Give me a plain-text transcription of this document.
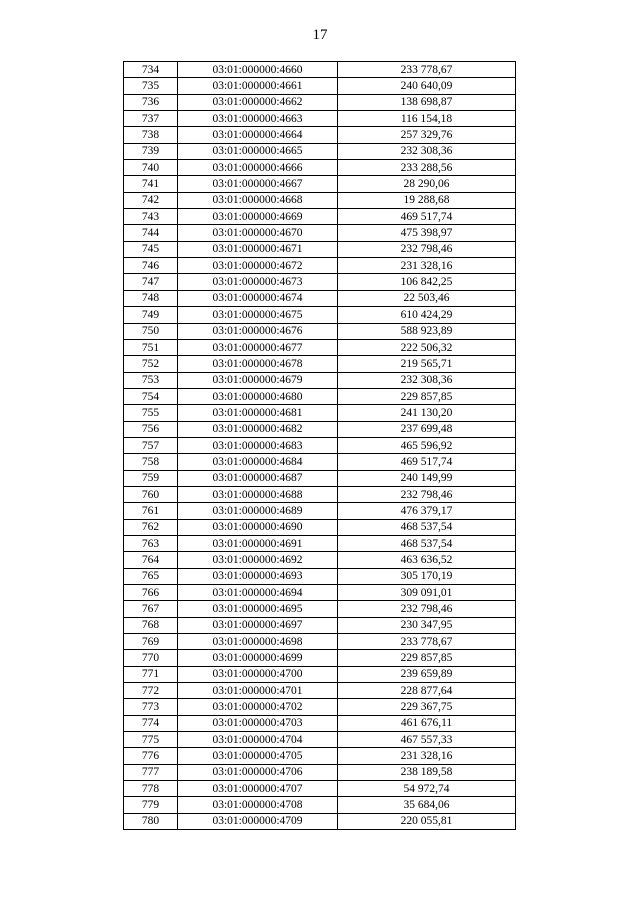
17
734	03:01:000000:4660	233 778,67
735	03:01:000000:4661	240 640,09
736	03:01:000000:4662	138 698,87
737	03:01:000000:4663	116 154,18
738	03:01:000000:4664	257 329,76
739	03:01:000000:4665	232 308,36
740	03:01:000000:4666	233 288,56
741	03:01:000000:4667	28 290,06
742	03:01:000000:4668	19 288,68
743	03:01:000000:4669	469 517,74
744	03:01:000000:4670	475 398,97
745	03:01:000000:4671	232 798,46
746	03:01:000000:4672	231 328,16
747	03:01:000000:4673	106 842,25
748	03:01:000000:4674	22 503,46
749	03:01:000000:4675	610 424,29
750	03:01:000000:4676	588 923,89
751	03:01:000000:4677	222 506,32
752	03:01:000000:4678	219 565,71
753	03:01:000000:4679	232 308,36
754	03:01:000000:4680	229 857,85
755	03:01:000000:4681	241 130,20
756	03:01:000000:4682	237 699,48
757	03:01:000000:4683	465 596,92
758	03:01:000000:4684	469 517,74
759	03:01:000000:4687	240 149,99
760	03:01:000000:4688	232 798,46
761	03:01:000000:4689	476 379,17
762	03:01:000000:4690	468 537,54
763	03:01:000000:4691	468 537,54
764	03:01:000000:4692	463 636,52
765	03:01:000000:4693	305 170,19
766	03:01:000000:4694	309 091,01
767	03:01:000000:4695	232 798,46
768	03:01:000000:4697	230 347,95
769	03:01:000000:4698	233 778,67
770	03:01:000000:4699	229 857,85
771	03:01:000000:4700	239 659,89
772	03:01:000000:4701	228 877,64
773	03:01:000000:4702	229 367,75
774	03:01:000000:4703	461 676,11
775	03:01:000000:4704	467 557,33
776	03:01:000000:4705	231 328,16
777	03:01:000000:4706	238 189,58
778	03:01:000000:4707	54 972,74
779	03:01:000000:4708	35 684,06
780	03:01:000000:4709	220 055,81
